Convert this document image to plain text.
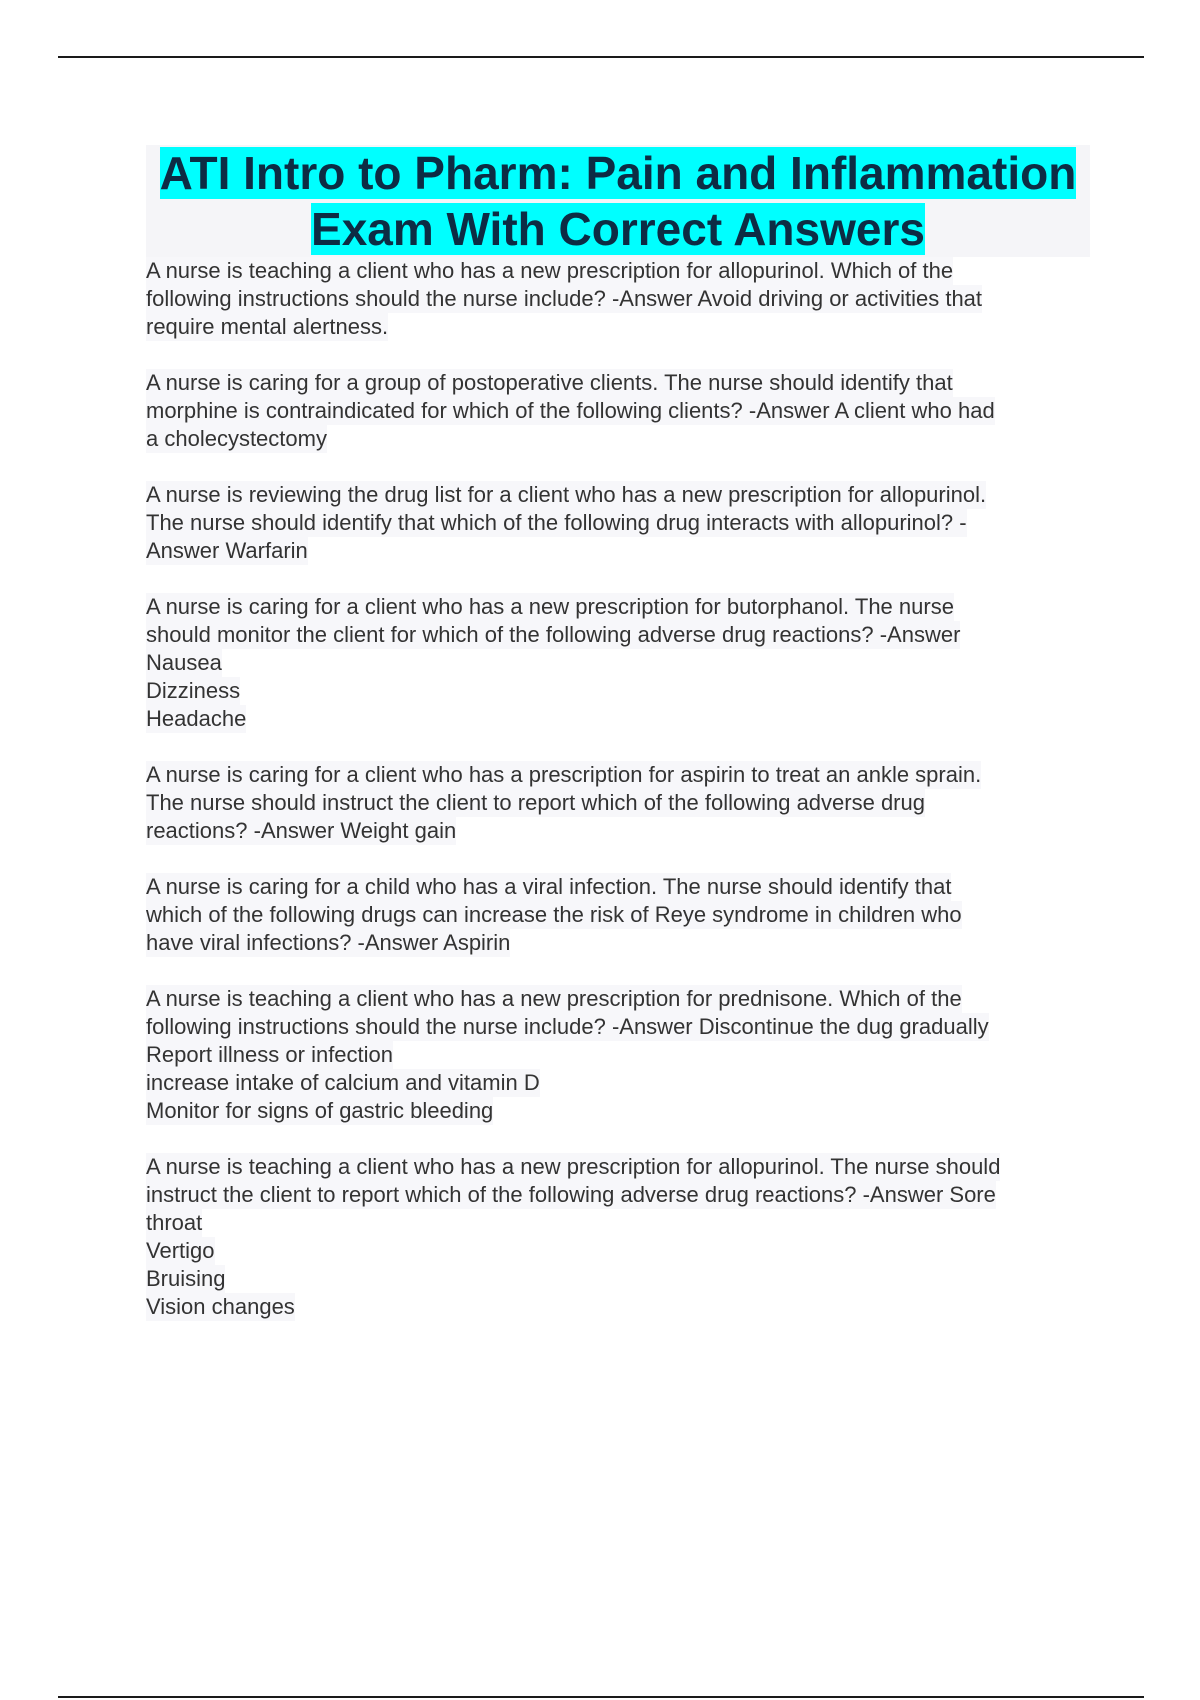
ATI Intro to Pharm: Pain and Inflammation Exam With Correct Answers

A nurse is teaching a client who has a new prescription for allopurinol. Which of the
following instructions should the nurse include? -Answer Avoid driving or activities that
require mental alertness.

A nurse is caring for a group of postoperative clients. The nurse should identify that
morphine is contraindicated for which of the following clients? -Answer A client who had
a cholecystectomy

A nurse is reviewing the drug list for a client who has a new prescription for allopurinol.
The nurse should identify that which of the following drug interacts with allopurinol? -
Answer Warfarin

A nurse is caring for a client who has a new prescription for butorphanol. The nurse
should monitor the client for which of the following adverse drug reactions? -Answer
Nausea
Dizziness
Headache

A nurse is caring for a client who has a prescription for aspirin to treat an ankle sprain.
The nurse should instruct the client to report which of the following adverse drug
reactions? -Answer Weight gain

A nurse is caring for a child who has a viral infection. The nurse should identify that
which of the following drugs can increase the risk of Reye syndrome in children who
have viral infections? -Answer Aspirin

A nurse is teaching a client who has a new prescription for prednisone. Which of the
following instructions should the nurse include? -Answer Discontinue the dug gradually
Report illness or infection
increase intake of calcium and vitamin D
Monitor for signs of gastric bleeding

A nurse is teaching a client who has a new prescription for allopurinol. The nurse should
instruct the client to report which of the following adverse drug reactions? -Answer Sore
throat
Vertigo
Bruising
Vision changes
